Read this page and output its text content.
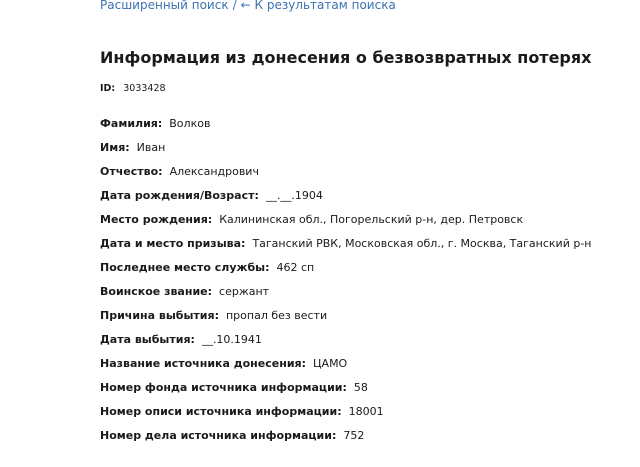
Расширенный поиск / ← К результатам поиска
Информация из донесения о безвозвратных потерях
ID: 3033428
Фамилия: Волков
Имя: Иван
Отчество: Александрович
Дата рождения/Возраст: __.__.1904
Место рождения: Калининская обл., Погорельский р-н, дер. Петровск
Дата и место призыва: Таганский РВК, Московская обл., г. Москва, Таганский р-н
Последнее место службы: 462 сп
Воинское звание: сержант
Причина выбытия: пропал без вести
Дата выбытия: __.10.1941
Название источника донесения: ЦАМО
Номер фонда источника информации: 58
Номер описи источника информации: 18001
Номер дела источника информации: 752
